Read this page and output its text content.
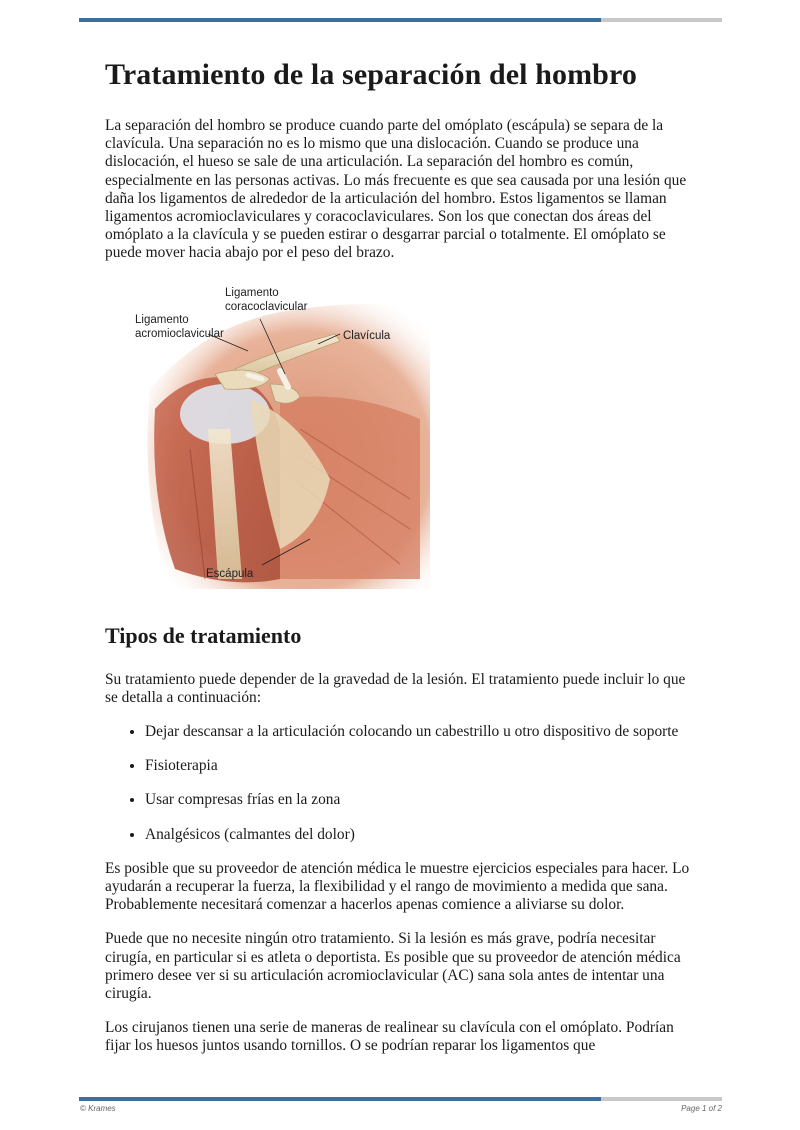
Tratamiento de la separación del hombro

La separación del hombro se produce cuando parte del omóplato (escápula) se separa de la clavícula. Una separación no es lo mismo que una dislocación. Cuando se produce una dislocación, el hueso se sale de una articulación. La separación del hombro es común, especialmente en las personas activas. Lo más frecuente es que sea causada por una lesión que daña los ligamentos de alrededor de la articulación del hombro. Estos ligamentos se llaman ligamentos acromioclaviculares y coracoclaviculares. Son los que conectan dos áreas del omóplato a la clavícula y se pueden estirar o desgarrar parcial o totalmente. El omóplato se puede mover hacia abajo por el peso del brazo.

Ligamento
coracoclavicular
Ligamento
acromioclavicular	Clavícula
Escápula
Tipos de tratamiento

Su tratamiento puede depender de la gravedad de la lesión. El tratamiento puede incluir lo que se detalla a continuación:

• Dejar descansar a la articulación colocando un cabestrillo u otro dispositivo de soporte
• Fisioterapia
• Usar compresas frías en la zona
• Analgésicos (calmantes del dolor)

Es posible que su proveedor de atención médica le muestre ejercicios especiales para hacer. Lo ayudarán a recuperar la fuerza, la flexibilidad y el rango de movimiento a medida que sana. Probablemente necesitará comenzar a hacerlos apenas comience a aliviarse su dolor.

Puede que no necesite ningún otro tratamiento. Si la lesión es más grave, podría necesitar cirugía, en particular si es atleta o deportista. Es posible que su proveedor de atención médica primero desee ver si su articulación acromioclavicular (AC) sana sola antes de intentar una cirugía.

Los cirujanos tienen una serie de maneras de realinear su clavícula con el omóplato. Podrían fijar los huesos juntos usando tornillos. O se podrían reparar los ligamentos que

© Krames	Page 1 of 2
